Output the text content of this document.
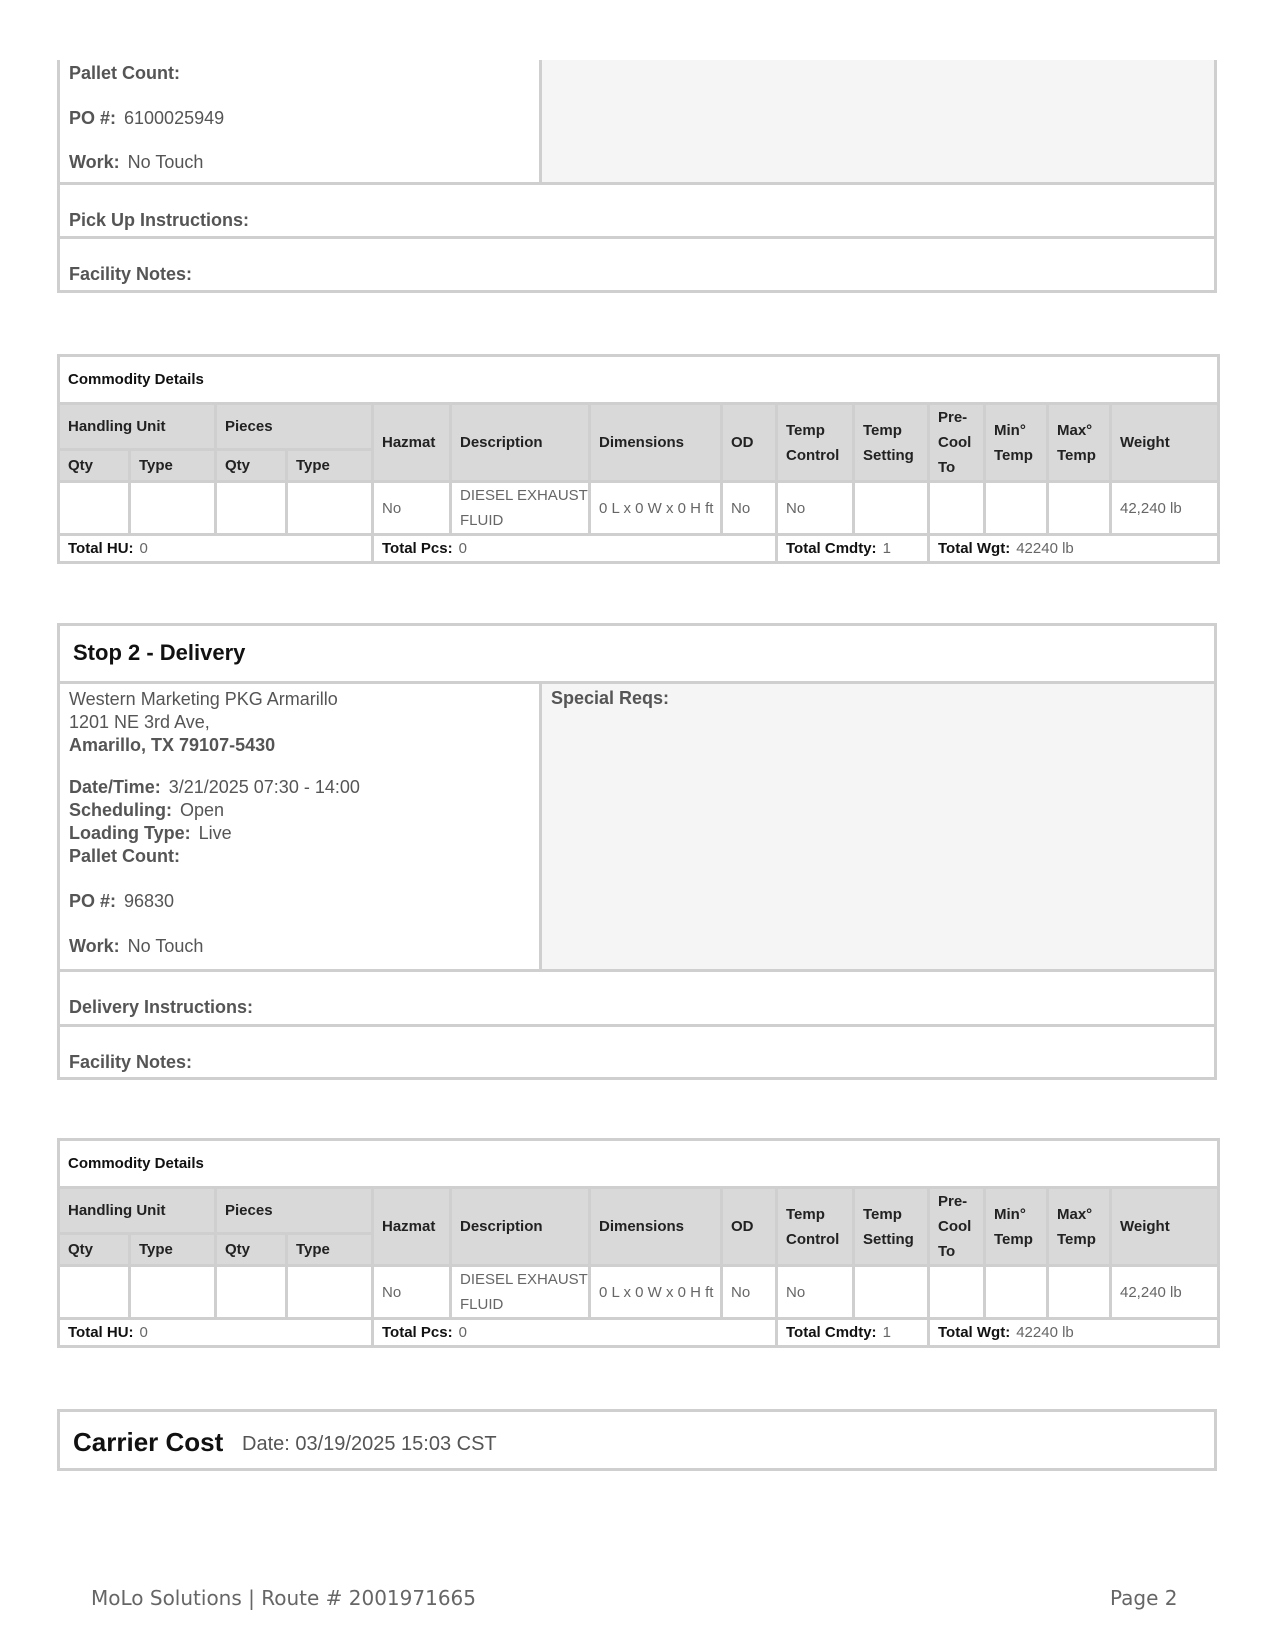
Pallet Count:
PO #: 6100025949
Work: No Touch
Pick Up Instructions:
Facility Notes:
Commodity Details													
Handling Unit		Pieces		Hazmat	Description	Dimensions	OD	Temp Control	Temp Setting	Pre-Cool To	Min° Temp	Max° Temp	Weight
Qty	Type	Qty	Type										
				No	DIESEL EXHAUST FLUID	0 L x 0 W x 0 H ft	No	No					42,240 lb
Total HU: 0				Total Pcs: 0				Total Cmdty: 1		Total Wgt: 42240 lb			
Stop 2 - Delivery
Western Marketing PKG Armarillo
1201 NE 3rd Ave,
Amarillo, TX 79107-5430
Date/Time: 3/21/2025 07:30 - 14:00
Scheduling: Open
Loading Type: Live
Pallet Count:
PO #: 96830
Work: No Touch
Special Reqs:
Delivery Instructions:
Facility Notes:
Commodity Details													
Handling Unit		Pieces		Hazmat	Description	Dimensions	OD	Temp Control	Temp Setting	Pre-Cool To	Min° Temp	Max° Temp	Weight
Qty	Type	Qty	Type										
				No	DIESEL EXHAUST FLUID	0 L x 0 W x 0 H ft	No	No					42,240 lb
Total HU: 0				Total Pcs: 0				Total Cmdty: 1		Total Wgt: 42240 lb			
Carrier Cost Date: 03/19/2025 15:03 CST
MoLo Solutions | Route # 2001971665	Page 2
